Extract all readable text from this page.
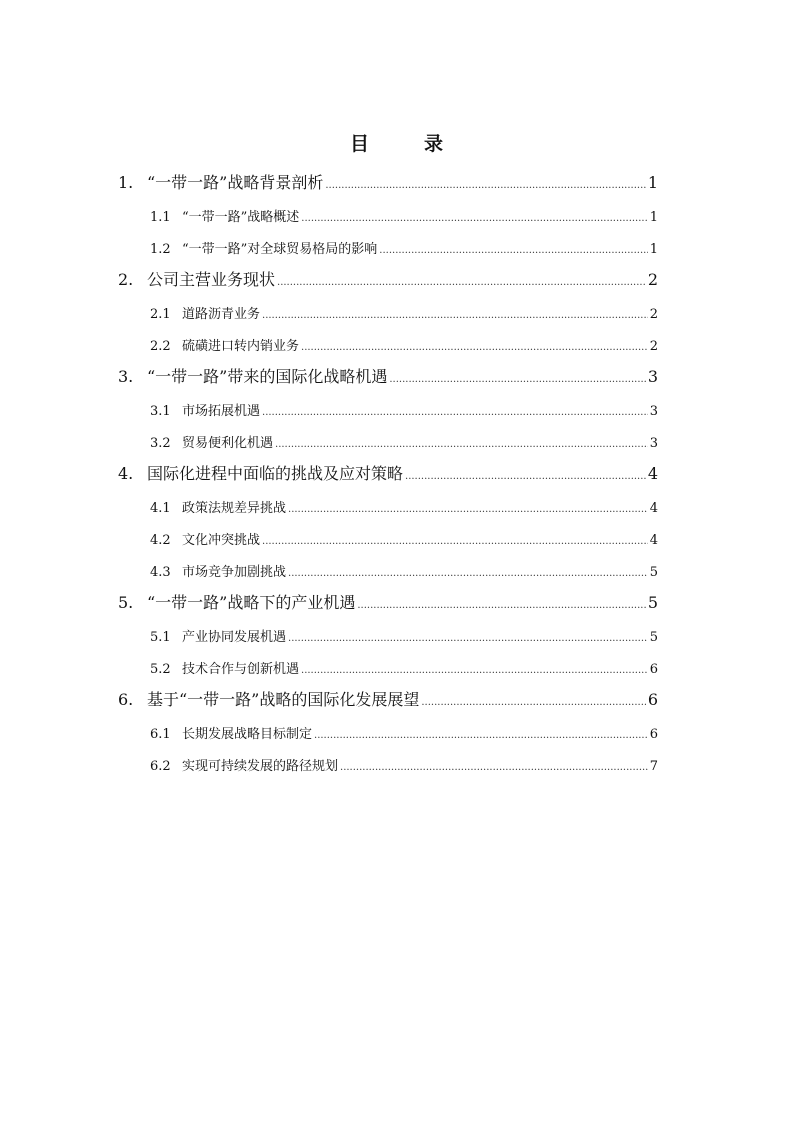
目　录
1. “一带一路”战略背景剖析 .....	1
1.1 “一带一路”战略概述 .....	1
1.2 “一带一路”对全球贸易格局的影响 .....	1
2. 公司主营业务现状 .....	2
2.1 道路沥青业务 .....	2
2.2 硫磺进口转内销业务 .....	2
3. “一带一路”带来的国际化战略机遇 .....	3
3.1 市场拓展机遇 .....	3
3.2 贸易便利化机遇 .....	3
4. 国际化进程中面临的挑战及应对策略 .....	4
4.1 政策法规差异挑战 .....	4
4.2 文化冲突挑战 .....	4
4.3 市场竞争加剧挑战 .....	5
5. “一带一路”战略下的产业机遇 .....	5
5.1 产业协同发展机遇 .....	5
5.2 技术合作与创新机遇 .....	6
6. 基于“一带一路”战略的国际化发展展望 .....	6
6.1 长期发展战略目标制定 .....	6
6.2 实现可持续发展的路径规划 .....	7
